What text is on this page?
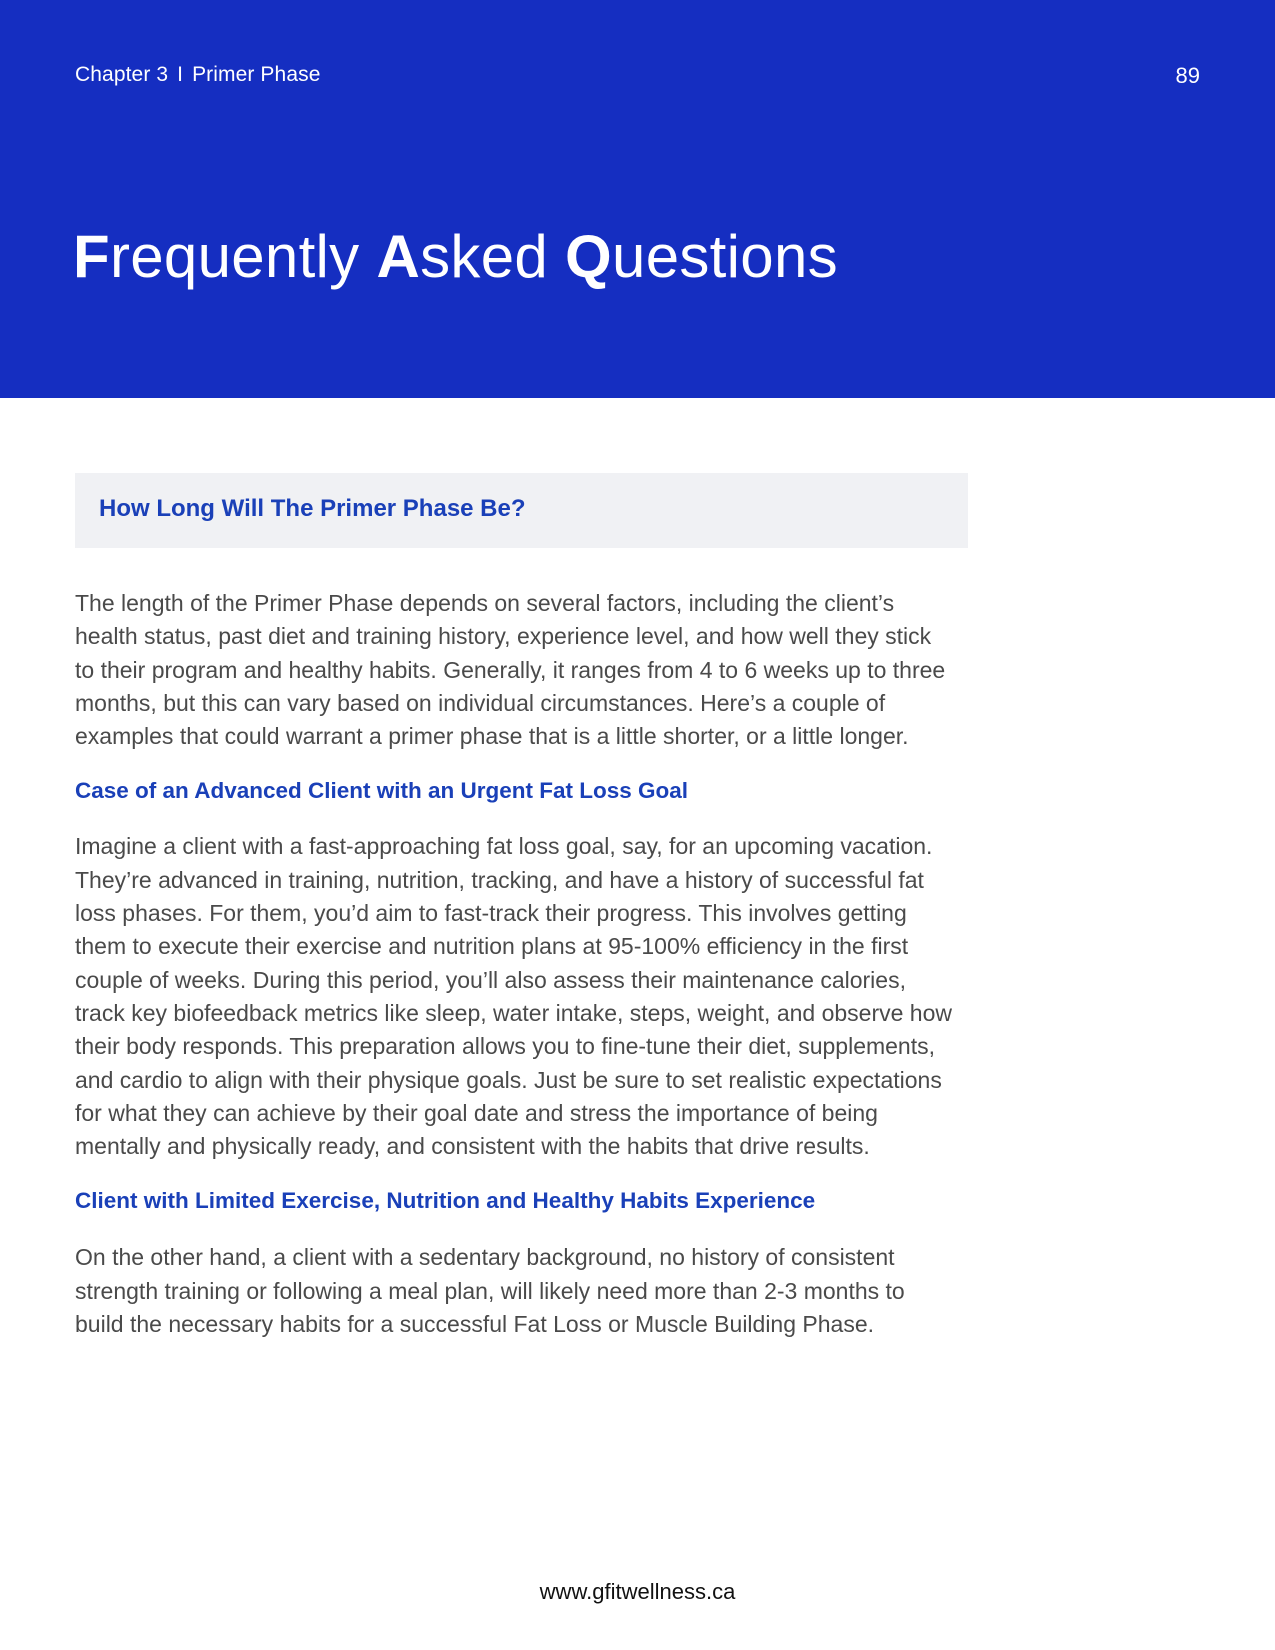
Chapter 3 I Primer Phase	89
Frequently Asked Questions
How Long Will The Primer Phase Be?

The length of the Primer Phase depends on several factors, including the client’s health status, past diet and training history, experience level, and how well they stick to their program and healthy habits. Generally, it ranges from 4 to 6 weeks up to three months, but this can vary based on individual circumstances. Here’s a couple of examples that could warrant a primer phase that is a little shorter, or a little longer.

Case of an Advanced Client with an Urgent Fat Loss Goal

Imagine a client with a fast-approaching fat loss goal, say, for an upcoming vacation. They’re advanced in training, nutrition, tracking, and have a history of successful fat loss phases. For them, you’d aim to fast-track their progress. This involves getting them to execute their exercise and nutrition plans at 95-100% efficiency in the first couple of weeks. During this period, you’ll also assess their maintenance calories, track key biofeedback metrics like sleep, water intake, steps, weight, and observe how their body responds. This preparation allows you to fine-tune their diet, supplements, and cardio to align with their physique goals. Just be sure to set realistic expectations for what they can achieve by their goal date and stress the importance of being mentally and physically ready, and consistent with the habits that drive results.

Client with Limited Exercise, Nutrition and Healthy Habits Experience

On the other hand, a client with a sedentary background, no history of consistent strength training or following a meal plan, will likely need more than 2-3 months to build the necessary habits for a successful Fat Loss or Muscle Building Phase.

www.gfitwellness.ca
